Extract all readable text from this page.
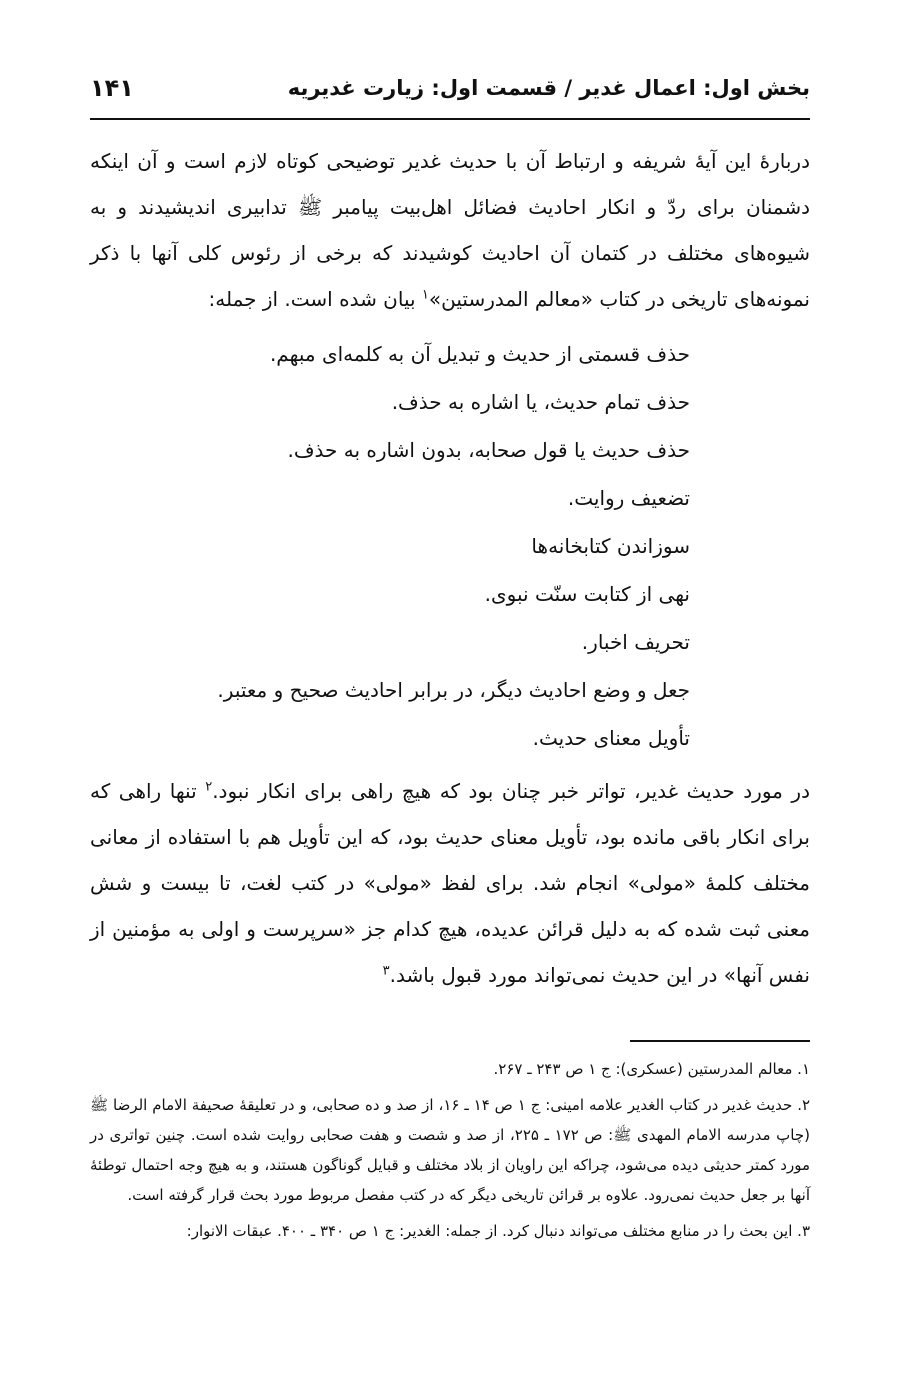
بخش اول: اعمال غدیر / قسمت اول: زیارت غدیریه
۱۴۱

دربارۀ این آیۀ شریفه و ارتباط آن با حدیث غدیر توضیحی کوتاه لازم است و آن اینکه دشمنان برای ردّ و انکار احادیث فضائل اهل‌بیت پیامبر ﷺ تدابیری اندیشیدند و به شیوه‌های مختلف در کتمان آن احادیث کوشیدند که برخی از رئوس کلی آنها با ذکر نمونه‌های تاریخی در کتاب «معالم المدرستین»$^۱$ بیان شده است. از جمله:

حذف قسمتی از حدیث و تبدیل آن به کلمه‌ای مبهم.
حذف تمام حدیث، یا اشاره به حذف.
حذف حدیث یا قول صحابه، بدون اشاره به حذف.
تضعیف روایت.
سوزاندن کتابخانه‌ها
نهی از کتابت سنّت نبوی.
تحریف اخبار.
جعل و وضع احادیث دیگر، در برابر احادیث صحیح و معتبر.
تأویل معنای حدیث.

در مورد حدیث غدیر، تواتر خبر چنان بود که هیچ راهی برای انکار نبود.$^۲$ تنها راهی که برای انکار باقی مانده بود، تأویل معنای حدیث بود، که این تأویل هم با استفاده از معانی مختلف کلمۀ «مولی» انجام شد. برای لفظ «مولی» در کتب لغت، تا بیست و شش معنی ثبت شده که به دلیل قرائن عدیده، هیچ کدام جز «سرپرست و اولی به مؤمنین از نفس آنها» در این حدیث نمی‌تواند مورد قبول باشد.$^۳$

۱. معالم المدرستین (عسکری): ج ۱ ص ۲۴۳ ـ ۲۶۷.

۲. حدیث غدیر در کتاب الغدیر علامه امینی: ج ۱ ص ۱۴ ـ ۱۶، از صد و ده صحابی، و در تعلیقۀ صحیفة الامام الرضا ﷺ (چاپ مدرسه الامام المهدی ﷺ: ص ۱۷۲ ـ ۲۲۵، از صد و شصت و هفت صحابی روایت شده است. چنین تواتری در مورد کمتر حدیثی دیده می‌شود، چراکه این راویان از بلاد مختلف و قبایل گوناگون هستند، و به هیچ وجه احتمال توطئۀ آنها بر جعل حدیث نمی‌رود. علاوه بر قرائن تاریخی دیگر که در کتب مفصل مربوط مورد بحث قرار گرفته است.

۳. این بحث را در منابع مختلف می‌تواند دنبال کرد. از جمله: الغدیر: ج ۱ ص ۳۴۰ ـ ۴۰۰. عبقات الانوار:
